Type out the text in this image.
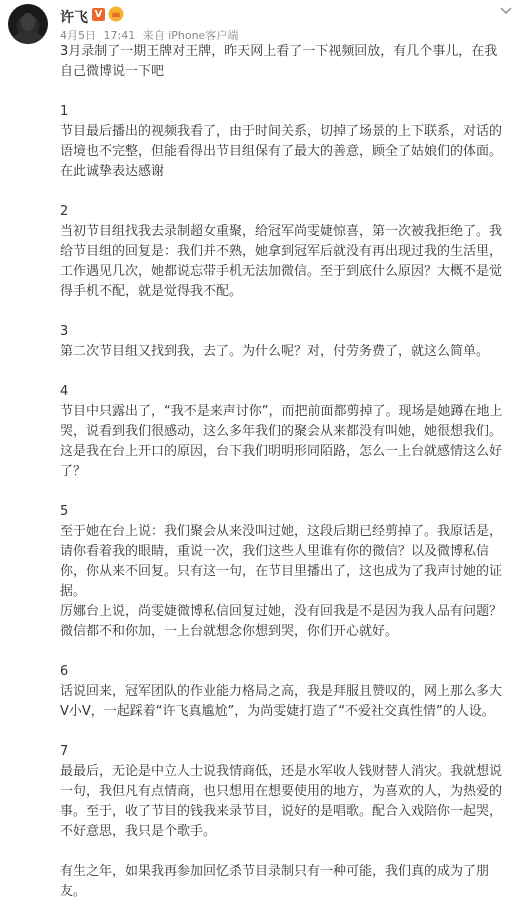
许飞 V
4月5日 17:41 来自 iPhone客户端

3月录制了一期王牌对王牌，昨天网上看了一下视频回放，有几个事儿，在我自己微博说一下吧

1

节目最后播出的视频我看了，由于时间关系，切掉了场景的上下联系，对话的语境也不完整，但能看得出节目组保有了最大的善意，顾全了姑娘们的体面。在此诚挚表达感谢

2

当初节目组找我去录制超女重聚，给冠军尚雯婕惊喜，第一次被我拒绝了。我给节目组的回复是：我们并不熟，她拿到冠军后就没有再出现过我的生活里，工作遇见几次，她都说忘带手机无法加微信。至于到底什么原因？大概不是觉得手机不配，就是觉得我不配。

3

第二次节目组又找到我，去了。为什么呢？对，付劳务费了，就这么简单。

4

节目中只露出了，“我不是来声讨你”，而把前面都剪掉了。现场是她蹲在地上哭，说看到我们很感动，这么多年我们的聚会从来都没有叫她，她很想我们。这是我在台上开口的原因，台下我们明明形同陌路，怎么一上台就感情这么好了？

5

至于她在台上说：我们聚会从来没叫过她，这段后期已经剪掉了。我原话是，请你看着我的眼睛，重说一次，我们这些人里谁有你的微信？以及微博私信你，你从来不回复。只有这一句，在节目里播出了，这也成为了我声讨她的证据。
厉娜台上说，尚雯婕微博私信回复过她，没有回我是不是因为我人品有问题？微信都不和你加，一上台就想念你想到哭，你们开心就好。

6

话说回来，冠军团队的作业能力格局之高，我是拜服且赞叹的，网上那么多大V小V，一起踩着“许飞真尴尬”，为尚雯婕打造了“不爱社交真性情”的人设。

7

最最后，无论是中立人士说我情商低，还是水军收人钱财替人消灾。我就想说一句，我但凡有点情商，也只想用在想要使用的地方，为喜欢的人，为热爱的事。至于，收了节目的钱我来录节目，说好的是唱歌。配合入戏陪你一起哭，不好意思，我只是个歌手。

有生之年，如果我再参加回忆杀节目录制只有一种可能，我们真的成为了朋友。
